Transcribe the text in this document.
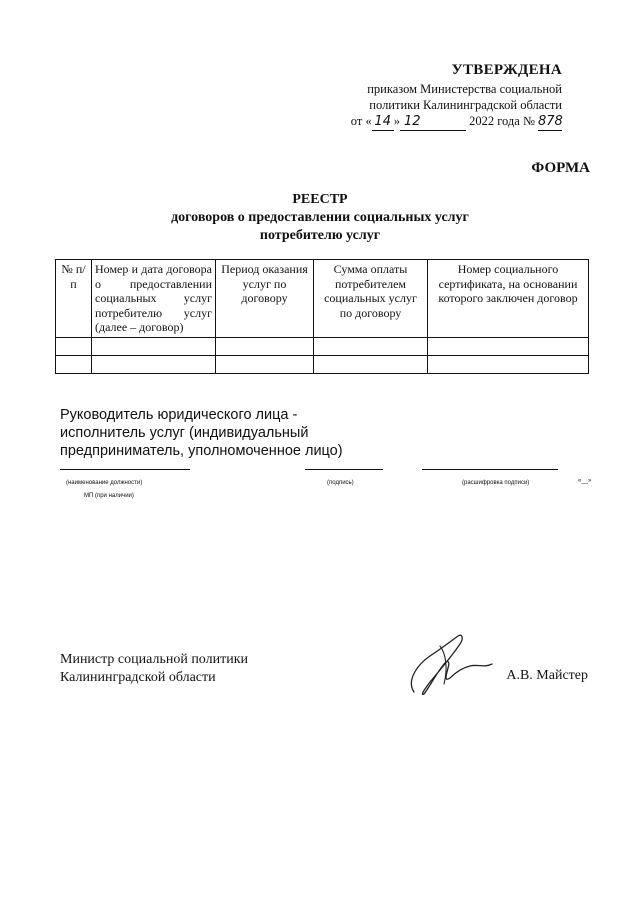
УТВЕРЖДЕНА
приказом Министерства социальной
политики Калининградской области
от « 14 » 12	2022 года № 878
ФОРМА
РЕЕСТР
договоров о предоставлении социальных услуг
потребителю услуг
№ п/п	Номер и дата договора о предоставлении социальных услуг потребителю услуг (далее – договор)	Период оказания услуг по договору	Сумма оплаты потребителем социальных услуг по договору	Номер социального сертификата, на основании которого заключен договор

Руководитель юридического лица -
исполнитель услуг (индивидуальный
предприниматель, уполномоченное лицо)
(наименование должности)	(подпись)	(расшифровка подписи)	«__»
МП (при наличии)
Министр социальной политики
Калининградской области	А.В. Майстер
